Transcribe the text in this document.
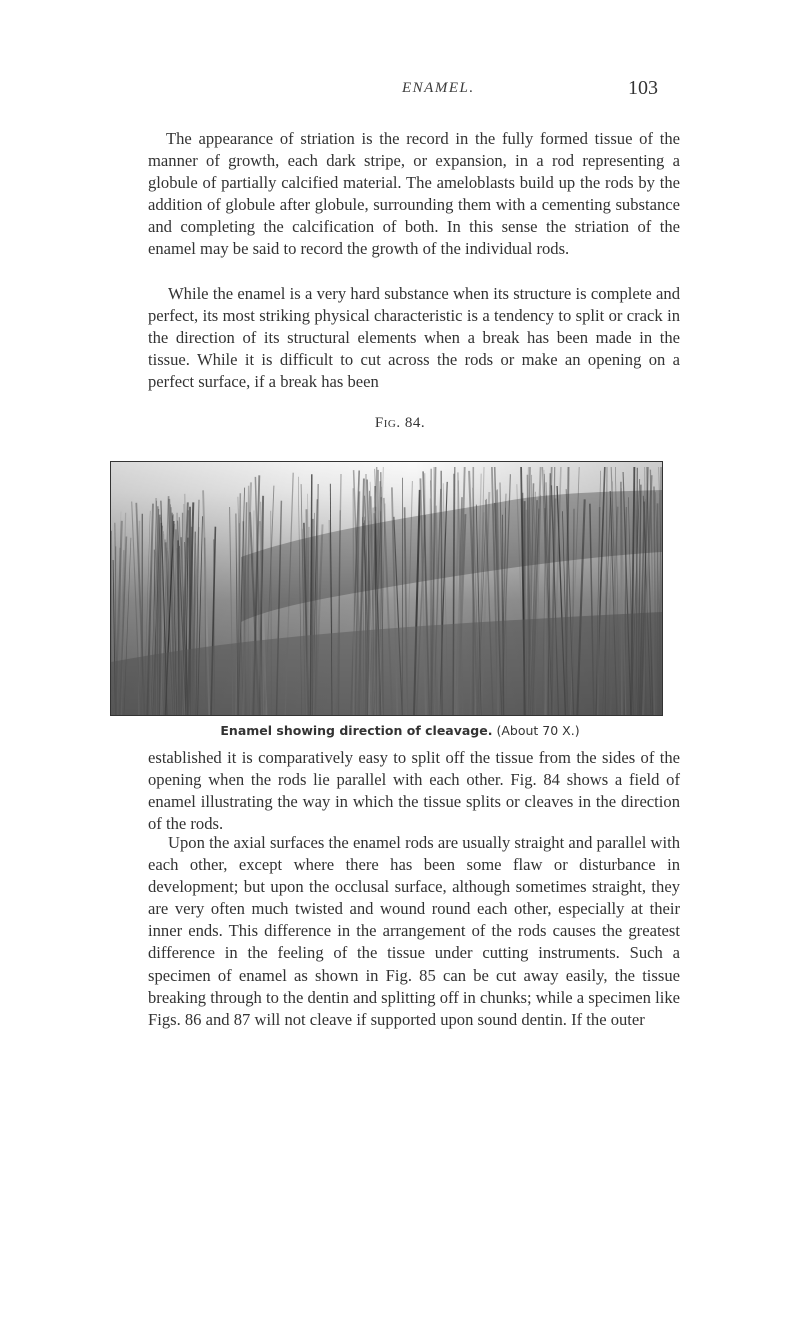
ENAMEL.	103

The appearance of striation is the record in the fully formed tissue of the manner of growth, each dark stripe, or expansion, in a rod representing a globule of partially calcified material. The ameloblasts build up the rods by the addition of globule after globule, surrounding them with a cementing substance and completing the calcification of both. In this sense the striation of the enamel may be said to record the growth of the individual rods.

While the enamel is a very hard substance when its structure is complete and perfect, its most striking physical characteristic is a tendency to split or crack in the direction of its structural elements when a break has been made in the tissue. While it is difficult to cut across the rods or make an opening on a perfect surface, if a break has been

Fig. 84.
Enamel showing direction of cleavage. (About 70 X.)

established it is comparatively easy to split off the tissue from the sides of the opening when the rods lie parallel with each other. Fig. 84 shows a field of enamel illustrating the way in which the tissue splits or cleaves in the direction of the rods.

Upon the axial surfaces the enamel rods are usually straight and parallel with each other, except where there has been some flaw or disturbance in development; but upon the occlusal surface, although sometimes straight, they are very often much twisted and wound round each other, especially at their inner ends. This difference in the arrangement of the rods causes the greatest difference in the feeling of the tissue under cutting instruments. Such a specimen of enamel as shown in Fig. 85 can be cut away easily, the tissue breaking through to the dentin and splitting off in chunks; while a specimen like Figs. 86 and 87 will not cleave if supported upon sound dentin. If the outer
